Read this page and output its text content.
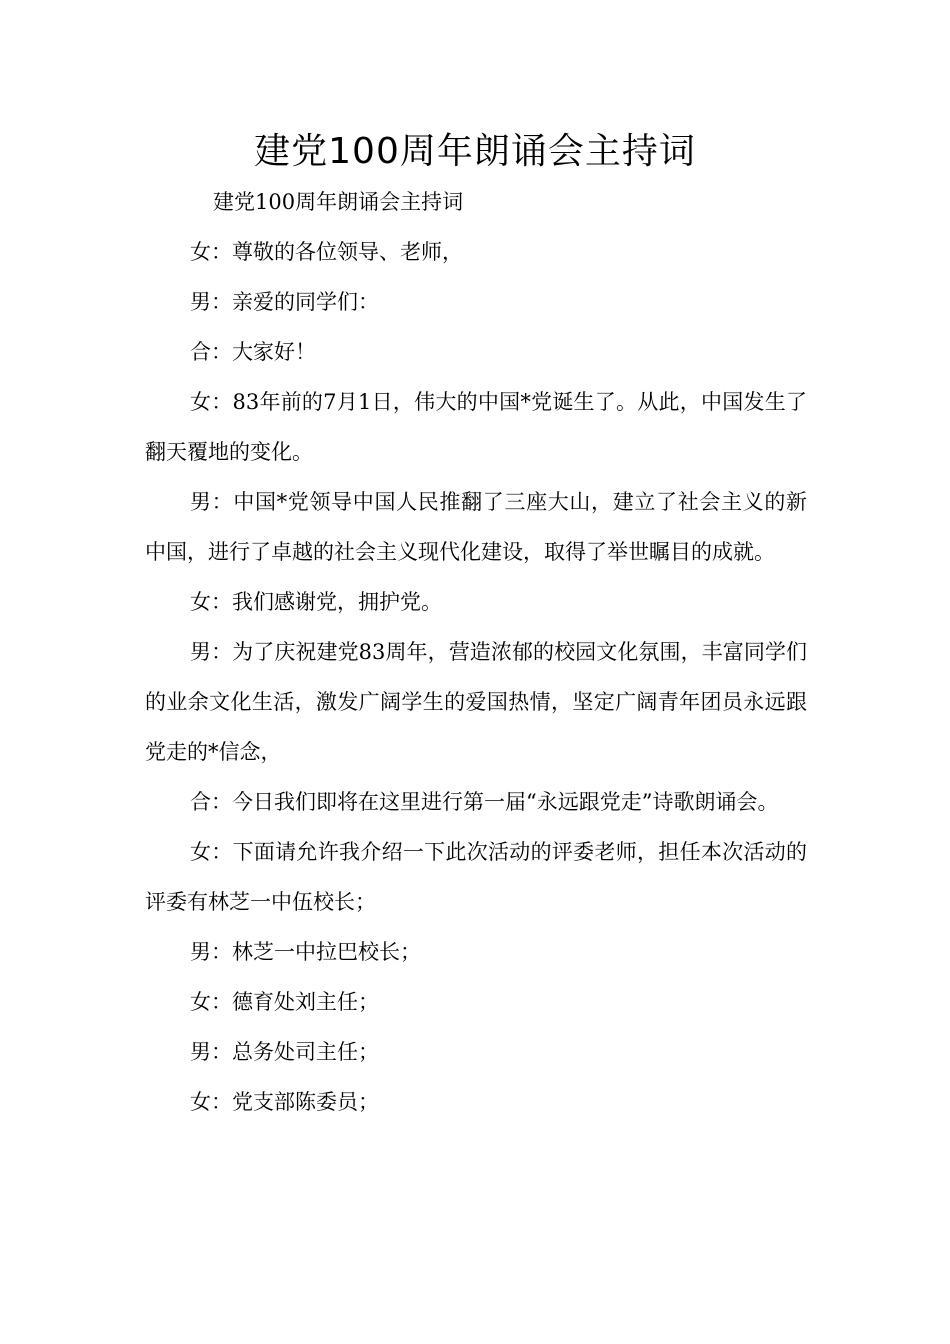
建党100周年朗诵会主持词

建党100周年朗诵会主持词

女：尊敬的各位领导、老师，

男：亲爱的同学们：

合：大家好！

女：83年前的7月1日，伟大的中国*党诞生了。从此，中国发生了翻天覆地的变化。

男：中国*党领导中国人民推翻了三座大山，建立了社会主义的新中国，进行了卓越的社会主义现代化建设，取得了举世瞩目的成就。

女：我们感谢党，拥护党。

男：为了庆祝建党83周年，营造浓郁的校园文化氛围，丰富同学们的业余文化生活，激发广阔学生的爱国热情，坚定广阔青年团员永远跟党走的*信念，

合：今日我们即将在这里进行第一届“永远跟党走”诗歌朗诵会。

女：下面请允许我介绍一下此次活动的评委老师，担任本次活动的评委有林芝一中伍校长；

男：林芝一中拉巴校长；

女：德育处刘主任；

男：总务处司主任；

女：党支部陈委员；
